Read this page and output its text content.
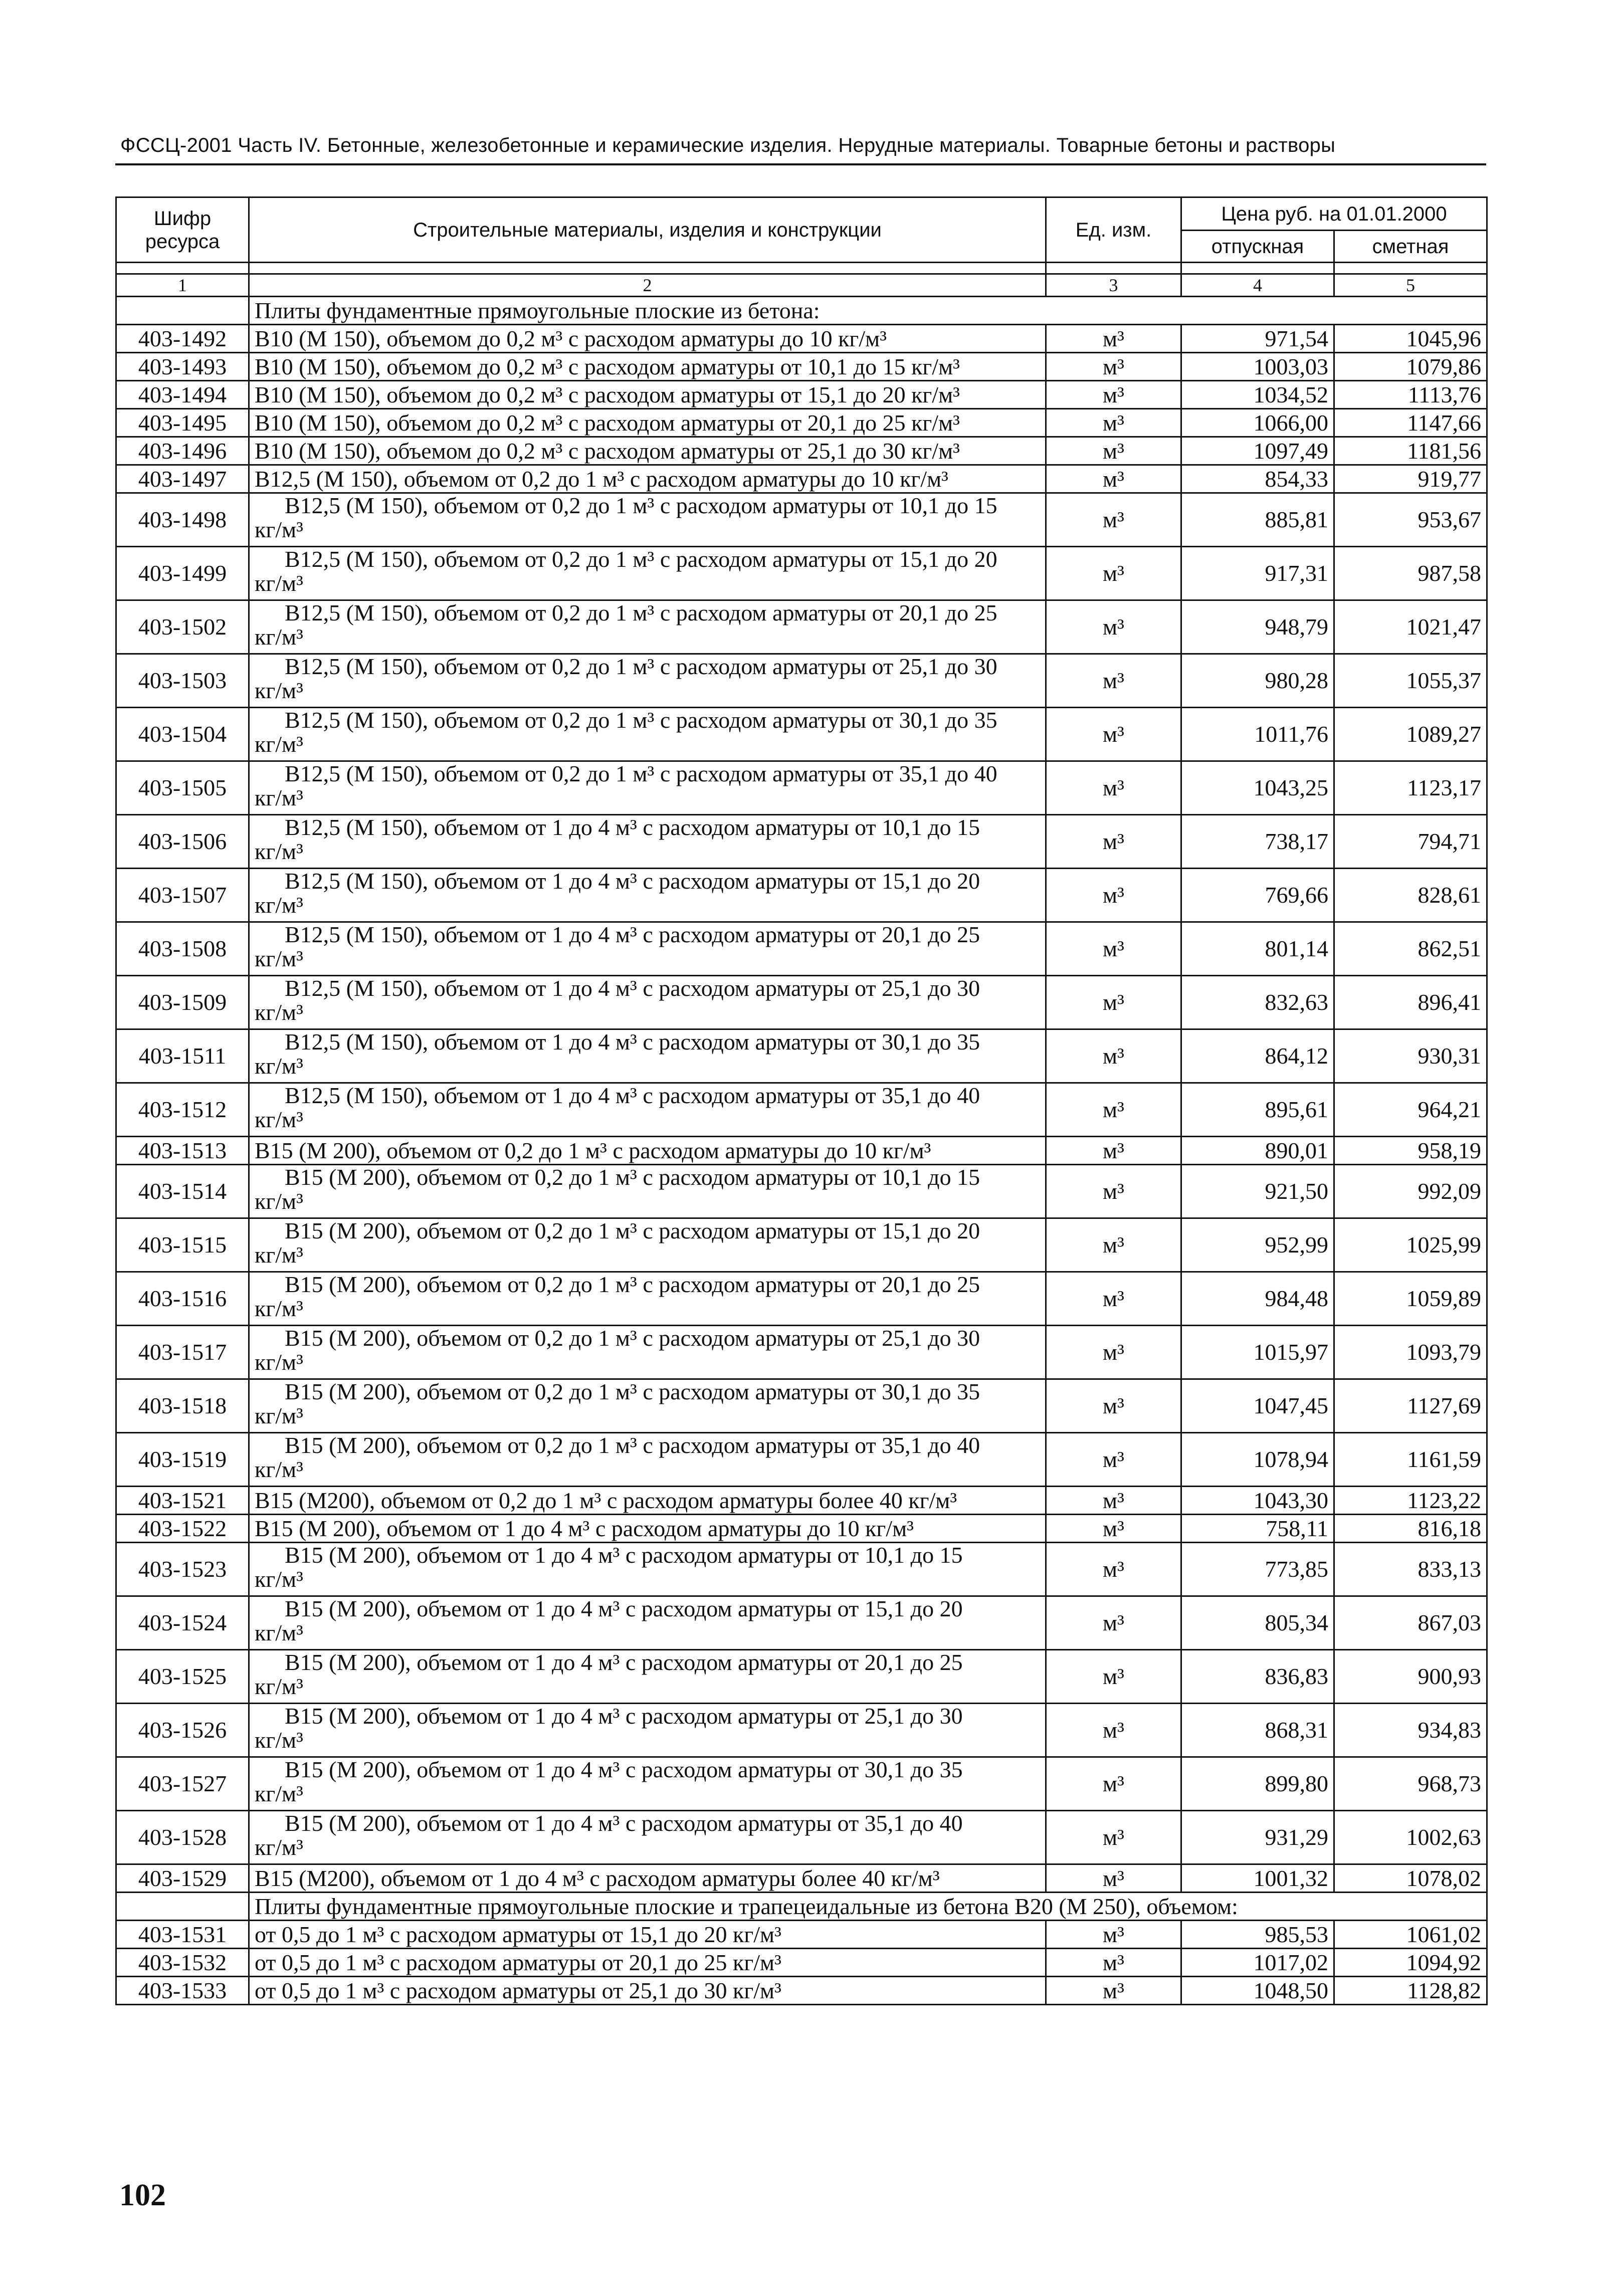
ФССЦ-2001 Часть IV. Бетонные, железобетонные и керамические изделия. Нерудные материалы. Товарные бетоны и растворы
Шифр ресурса	Строительные материалы, изделия и конструкции	Ед. изм.	Цена руб. на 01.01.2000	
			отпускная	сметная

1	2	3	4	5
	Плиты фундаментные прямоугольные плоские из бетона:			
403-1492	В10 (М 150), объемом до 0,2 м³ с расходом арматуры до 10 кг/м³	м³	971,54	1045,96
403-1493	В10 (М 150), объемом до 0,2 м³ с расходом арматуры от 10,1 до 15 кг/м³	м³	1003,03	1079,86
403-1494	В10 (М 150), объемом до 0,2 м³ с расходом арматуры от 15,1 до 20 кг/м³	м³	1034,52	1113,76
403-1495	В10 (М 150), объемом до 0,2 м³ с расходом арматуры от 20,1 до 25 кг/м³	м³	1066,00	1147,66
403-1496	В10 (М 150), объемом до 0,2 м³ с расходом арматуры от 25,1 до 30 кг/м³	м³	1097,49	1181,56
403-1497	В12,5 (М 150), объемом от 0,2 до 1 м³ с расходом арматуры до 10 кг/м³	м³	854,33	919,77
403-1498	В12,5 (М 150), объемом от 0,2 до 1 м³ с расходом арматуры от 10,1 до 15
кг/м³	м³	885,81	953,67
403-1499	В12,5 (М 150), объемом от 0,2 до 1 м³ с расходом арматуры от 15,1 до 20
кг/м³	м³	917,31	987,58
403-1502	В12,5 (М 150), объемом от 0,2 до 1 м³ с расходом арматуры от 20,1 до 25
кг/м³	м³	948,79	1021,47
403-1503	В12,5 (М 150), объемом от 0,2 до 1 м³ с расходом арматуры от 25,1 до 30
кг/м³	м³	980,28	1055,37
403-1504	В12,5 (М 150), объемом от 0,2 до 1 м³ с расходом арматуры от 30,1 до 35
кг/м³	м³	1011,76	1089,27
403-1505	В12,5 (М 150), объемом от 0,2 до 1 м³ с расходом арматуры от 35,1 до 40
кг/м³	м³	1043,25	1123,17
403-1506	В12,5 (М 150), объемом от 1 до 4 м³ с расходом арматуры от 10,1 до 15
кг/м³	м³	738,17	794,71
403-1507	В12,5 (М 150), объемом от 1 до 4 м³ с расходом арматуры от 15,1 до 20
кг/м³	м³	769,66	828,61
403-1508	В12,5 (М 150), объемом от 1 до 4 м³ с расходом арматуры от 20,1 до 25
кг/м³	м³	801,14	862,51
403-1509	В12,5 (М 150), объемом от 1 до 4 м³ с расходом арматуры от 25,1 до 30
кг/м³	м³	832,63	896,41
403-1511	В12,5 (М 150), объемом от 1 до 4 м³ с расходом арматуры от 30,1 до 35
кг/м³	м³	864,12	930,31
403-1512	В12,5 (М 150), объемом от 1 до 4 м³ с расходом арматуры от 35,1 до 40
кг/м³	м³	895,61	964,21
403-1513	В15 (М 200), объемом от 0,2 до 1 м³ с расходом арматуры до 10 кг/м³	м³	890,01	958,19
403-1514	В15 (М 200), объемом от 0,2 до 1 м³ с расходом арматуры от 10,1 до 15
кг/м³	м³	921,50	992,09
403-1515	В15 (М 200), объемом от 0,2 до 1 м³ с расходом арматуры от 15,1 до 20
кг/м³	м³	952,99	1025,99
403-1516	В15 (М 200), объемом от 0,2 до 1 м³ с расходом арматуры от 20,1 до 25
кг/м³	м³	984,48	1059,89
403-1517	В15 (М 200), объемом от 0,2 до 1 м³ с расходом арматуры от 25,1 до 30
кг/м³	м³	1015,97	1093,79
403-1518	В15 (М 200), объемом от 0,2 до 1 м³ с расходом арматуры от 30,1 до 35
кг/м³	м³	1047,45	1127,69
403-1519	В15 (М 200), объемом от 0,2 до 1 м³ с расходом арматуры от 35,1 до 40
кг/м³	м³	1078,94	1161,59
403-1521	В15 (М200), объемом от 0,2 до 1 м³ с расходом арматуры более 40 кг/м³	м³	1043,30	1123,22
403-1522	В15 (М 200), объемом от 1 до 4 м³ с расходом арматуры до 10 кг/м³	м³	758,11	816,18
403-1523	В15 (М 200), объемом от 1 до 4 м³ с расходом арматуры от 10,1 до 15
кг/м³	м³	773,85	833,13
403-1524	В15 (М 200), объемом от 1 до 4 м³ с расходом арматуры от 15,1 до 20
кг/м³	м³	805,34	867,03
403-1525	В15 (М 200), объемом от 1 до 4 м³ с расходом арматуры от 20,1 до 25
кг/м³	м³	836,83	900,93
403-1526	В15 (М 200), объемом от 1 до 4 м³ с расходом арматуры от 25,1 до 30
кг/м³	м³	868,31	934,83
403-1527	В15 (М 200), объемом от 1 до 4 м³ с расходом арматуры от 30,1 до 35
кг/м³	м³	899,80	968,73
403-1528	В15 (М 200), объемом от 1 до 4 м³ с расходом арматуры от 35,1 до 40
кг/м³	м³	931,29	1002,63
403-1529	В15 (М200), объемом от 1 до 4 м³ с расходом арматуры более 40 кг/м³	м³	1001,32	1078,02
	Плиты фундаментные прямоугольные плоские и трапецеидальные из бетона В20 (М 250), объемом:			
403-1531	от 0,5 до 1 м³ с расходом арматуры от 15,1 до 20 кг/м³	м³	985,53	1061,02
403-1532	от 0,5 до 1 м³ с расходом арматуры от 20,1 до 25 кг/м³	м³	1017,02	1094,92
403-1533	от 0,5 до 1 м³ с расходом арматуры от 25,1 до 30 кг/м³	м³	1048,50	1128,82
102
